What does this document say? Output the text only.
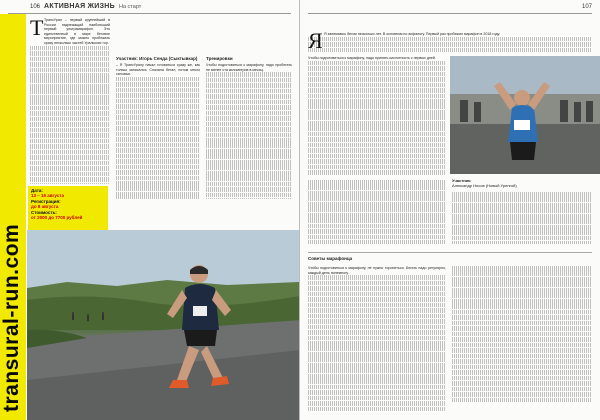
106 АКТИВНАЯ ЖИЗНЬ На старт
transural-run.com
Т ТрансУрал – первый крупнейший в России надлежащий наибольший первый ультрамарафон. Это единственный в мире беговое мероприятие, где можно пробежать сразу несколько частей Уральских гор.
Участник: Игорь Сенда (Сыктывкар)
– Я ТрансУралу начал готовиться сразу же, как только записался. Сначала бегал, потом много силовых.
Тренировки
Чтобы подготовиться к марафону, надо пробегать не менее ста километров в месяц.
Дата:
13 – 16 августа
Регистрация:
до 8 августа
Стоимость:
от 2000 до 7700 рублей
107
Я Я занимаюсь бегом несколько лет. В основном по асфальту. Первый раз пробежал марафон в 2018 году.
Чтобы подготовиться к марафону, надо принять кислотность с первых дней.
Участник:
Александр Носов (Новый Уренгой)
Советы марафонца
Чтобы подготовиться к марафону, не нужно торопиться. Бегать надо регулярно, каждый день понемногу.
